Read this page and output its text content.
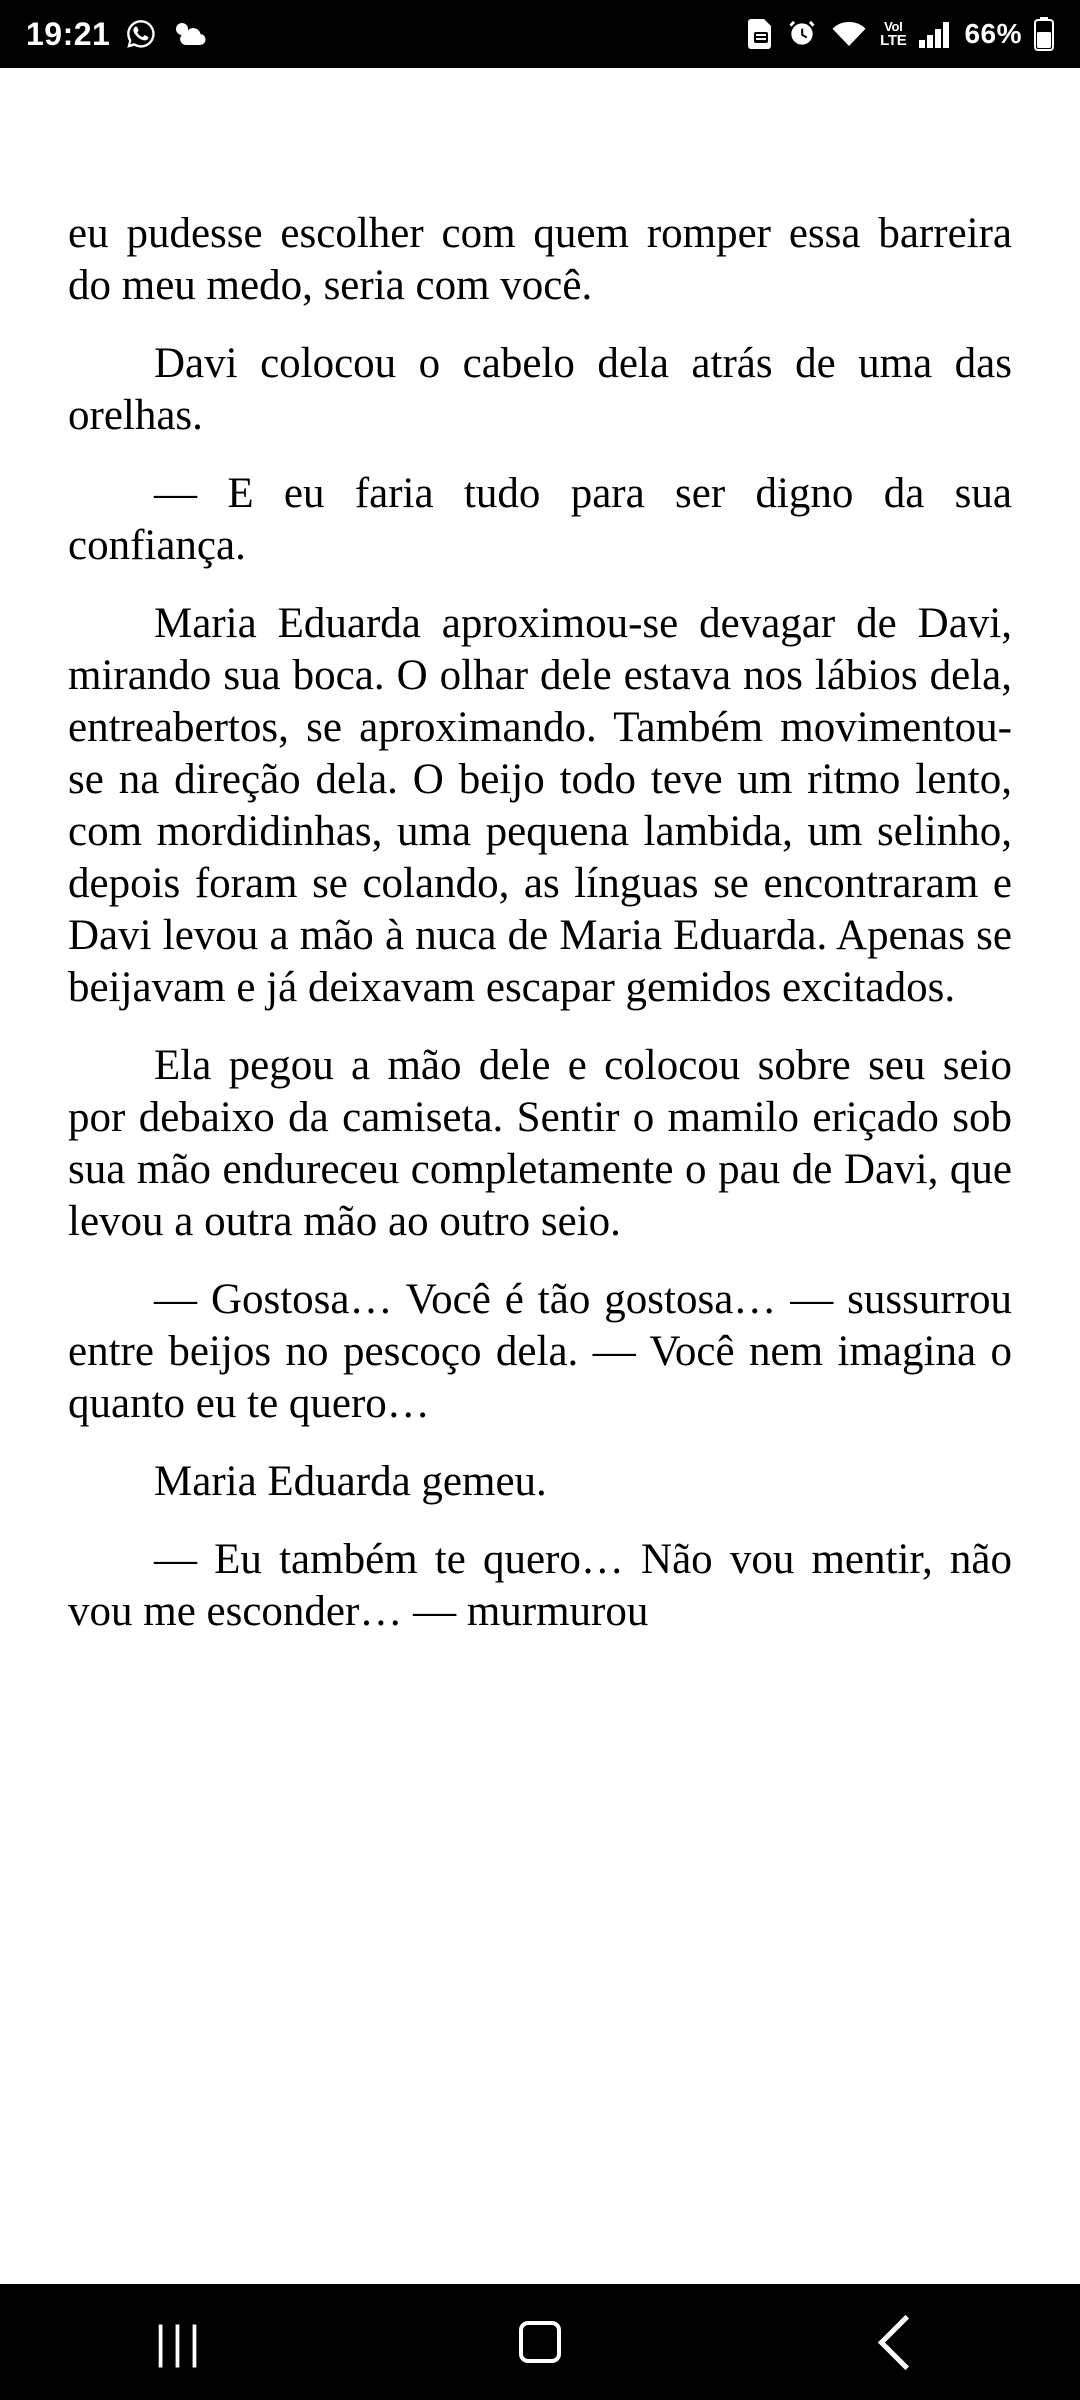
19:21	VoI
LTE 66%

eu pudesse escolher com quem romper essa barreira do meu medo, seria com você.

Davi colocou o cabelo dela atrás de uma das orelhas.

— E eu faria tudo para ser digno da sua confiança.

Maria Eduarda aproximou-se devagar de Davi, mirando sua boca. O olhar dele estava nos lábios dela, entreabertos, se aproximando. Também movimentou-se na direção dela. O beijo todo teve um ritmo lento, com mordidinhas, uma pequena lambida, um selinho, depois foram se colando, as línguas se encontraram e Davi levou a mão à nuca de Maria Eduarda. Apenas se beijavam e já deixavam escapar gemidos excitados.

Ela pegou a mão dele e colocou sobre seu seio por debaixo da camiseta. Sentir o mamilo eriçado sob sua mão endureceu completamente o pau de Davi, que levou a outra mão ao outro seio.

— Gostosa… Você é tão gostosa… — sussurrou entre beijos no pescoço dela. — Você nem imagina o quanto eu te quero…

Maria Eduarda gemeu.

— Eu também te quero… Não vou mentir, não vou me esconder… — murmurou

|||
